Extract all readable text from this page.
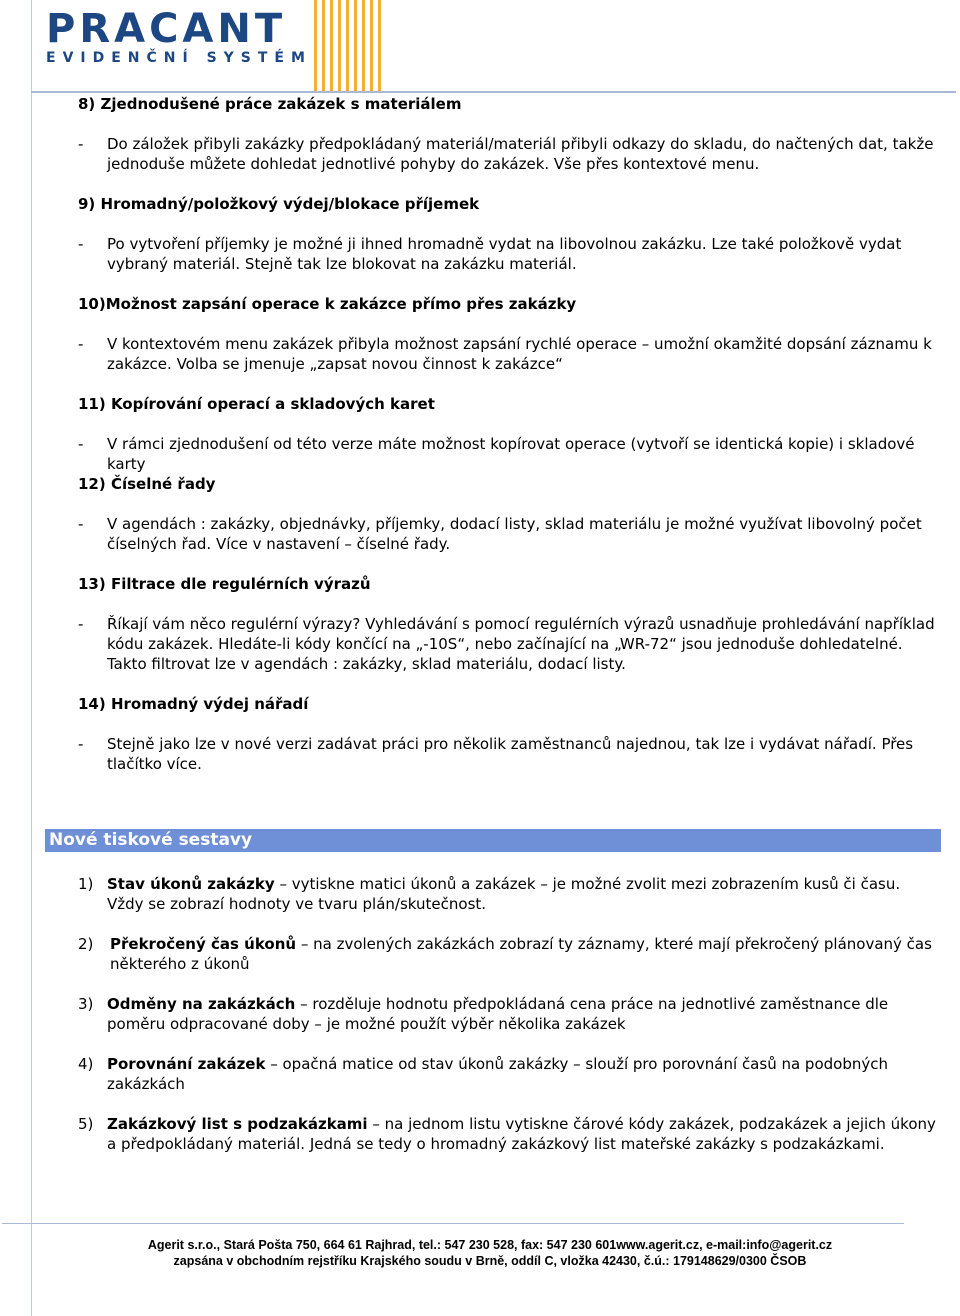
PRACANT
EVIDENČNÍ SYSTÉM
8) Zjednodušené práce zakázek s materiálem
- Do záložek přibyli zakázky předpokládaný materiál/materiál přibyli odkazy do skladu, do načtených dat, takže jednoduše můžete dohledat jednotlivé pohyby do zakázek. Vše přes kontextové menu.
9) Hromadný/položkový výdej/blokace příjemek
- Po vytvoření příjemky je možné ji ihned hromadně vydat na libovolnou zakázku. Lze také položkově vydat vybraný materiál. Stejně tak lze blokovat na zakázku materiál.
10)Možnost zapsání operace k zakázce přímo přes zakázky
- V kontextovém menu zakázek přibyla možnost zapsání rychlé operace – umožní okamžité dopsání záznamu k zakázce. Volba se jmenuje „zapsat novou činnost k zakázce“
11) Kopírování operací a skladových karet
- V rámci zjednodušení od této verze máte možnost kopírovat operace (vytvoří se identická kopie) i skladové karty
12) Číselné řady
- V agendách : zakázky, objednávky, příjemky, dodací listy, sklad materiálu je možné využívat libovolný počet číselných řad. Více v nastavení – číselné řady.
13) Filtrace dle regulérních výrazů
- Říkají vám něco regulérní výrazy? Vyhledávání s pomocí regulérních výrazů usnadňuje prohledávání například kódu zakázek. Hledáte-li kódy končící na „-10S“, nebo začínající na „WR-72“ jsou jednoduše dohledatelné. Takto filtrovat lze v agendách : zakázky, sklad materiálu, dodací listy.
14) Hromadný výdej nářadí
- Stejně jako lze v nové verzi zadávat práci pro několik zaměstnanců najednou, tak lze i vydávat nářadí. Přes tlačítko více.
Nové tiskové sestavy
1) Stav úkonů zakázky – vytiskne matici úkonů a zakázek – je možné zvolit mezi zobrazením kusů či času. Vždy se zobrazí hodnoty ve tvaru plán/skutečnost.
2) Překročený čas úkonů – na zvolených zakázkách zobrazí ty záznamy, které mají překročený plánovaný čas některého z úkonů
3) Odměny na zakázkách – rozděluje hodnotu předpokládaná cena práce na jednotlivé zaměstnance dle poměru odpracované doby – je možné použít výběr několika zakázek
4) Porovnání zakázek – opačná matice od stav úkonů zakázky – slouží pro porovnání časů na podobných zakázkách
5) Zakázkový list s podzakázkami – na jednom listu vytiskne čárové kódy zakázek, podzakázek a jejich úkony a předpokládaný materiál. Jedná se tedy o hromadný zakázkový list mateřské zakázky s podzakázkami.
Agerit s.r.o., Stará Pošta 750, 664 61 Rajhrad, tel.: 547 230 528, fax: 547 230 601www.agerit.cz, e-mail:info@agerit.cz
zapsána v obchodním rejstříku Krajského soudu v Brně, oddíl C, vložka 42430, č.ú.: 179148629/0300 ČSOB
